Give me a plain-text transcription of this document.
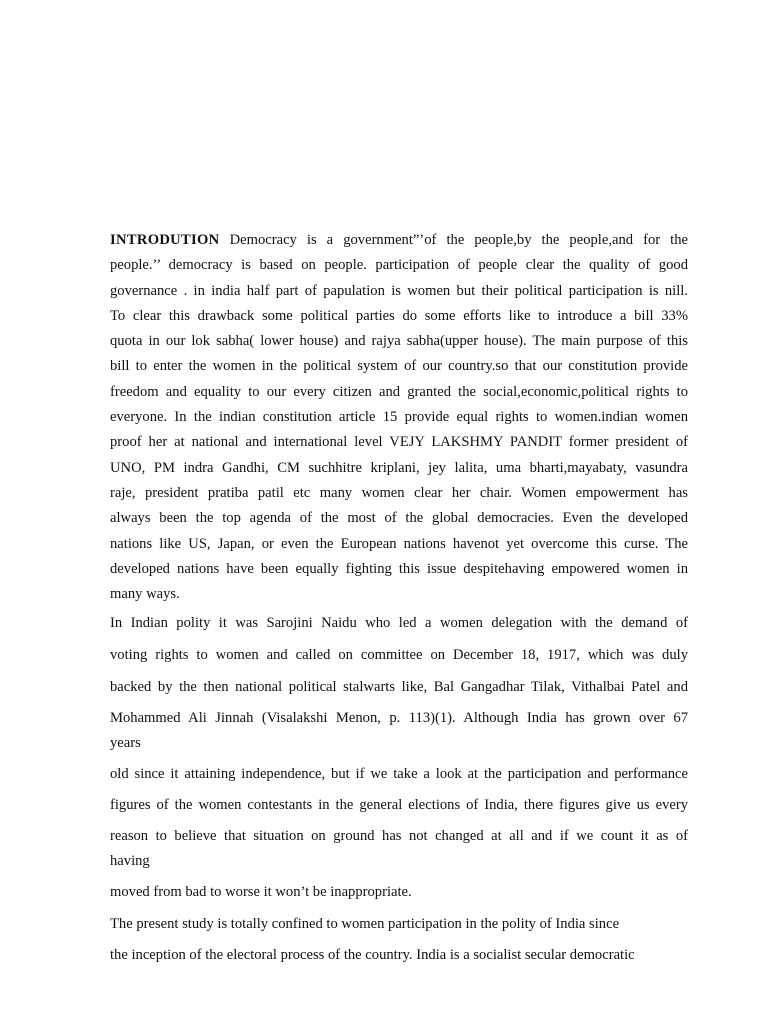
INTRODUTION Democracy is a government”’of the people,by the people,and for the
people.’’ democracy is based on people. participation of people clear the quality of good
governance . in india half part of papulation is women but their political participation is nill.
To clear this drawback some political parties do some efforts like to introduce a bill 33%
quota in our lok sabha( lower house) and rajya sabha(upper house). The main purpose of this
bill to enter the women in the political system of our country.so that our constitution provide
freedom and equality to our every citizen and granted the social,economic,political rights to
everyone. In the indian constitution article 15 provide equal rights to women.indian women
proof her at national and international level VEJY LAKSHMY PANDIT former president of
UNO, PM indra Gandhi, CM suchhitre kriplani, jey lalita, uma bharti,mayabaty, vasundra
raje, president pratiba patil etc many women clear her chair. Women empowerment has
always been the top agenda of the most of the global democracies. Even the developed
nations like US, Japan, or even the European nations havenot yet overcome this curse. The
developed nations have been equally fighting this issue despitehaving empowered women in
many ways.
In Indian polity it was Sarojini Naidu who led a women delegation with the demand of
voting rights to women and called on committee on December 18, 1917, which was duly
backed by the then national political stalwarts like, Bal Gangadhar Tilak, Vithalbai Patel and
Mohammed Ali Jinnah (Visalakshi Menon, p. 113)(1). Although India has grown over 67
years
old since it attaining independence, but if we take a look at the participation and performance
figures of the women contestants in the general elections of India, there figures give us every
reason to believe that situation on ground has not changed at all and if we count it as of
having
moved from bad to worse it won’t be inappropriate.
The present study is totally confined to women participation in the polity of India since
the inception of the electoral process of the country. India is a socialist secular democratic
